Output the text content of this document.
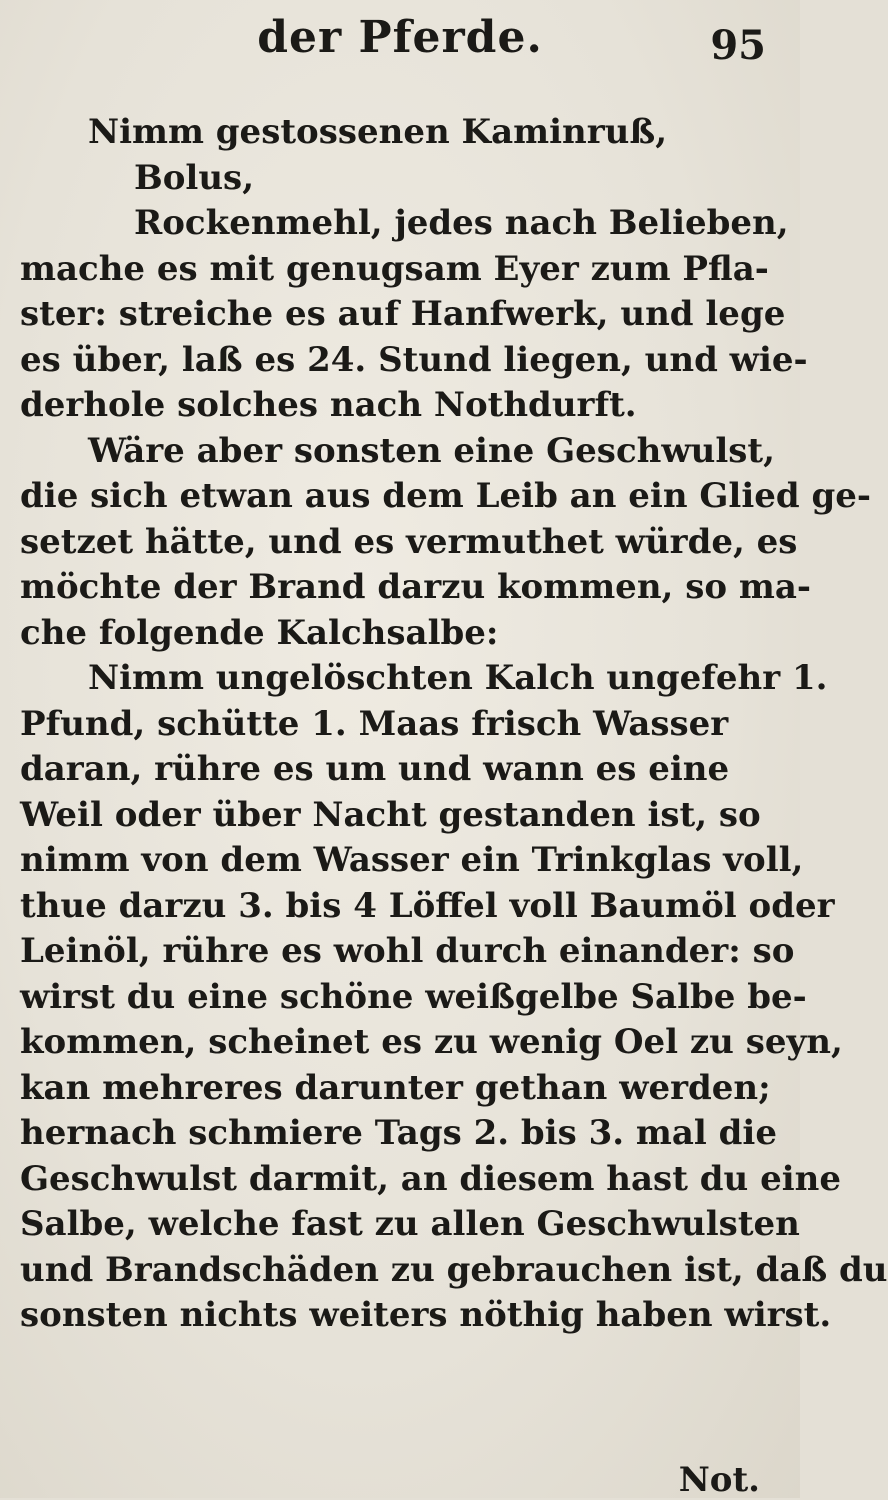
der Pferde.	95
Nimm gestossenen Kaminruß,
Bolus,
Rockenmehl, jedes nach Belieben,
mache es mit genugsam Eyer zum Pfla-
ster: streiche es auf Hanfwerk, und lege
es über, laß es 24. Stund liegen, und wie-
derhole solches nach Nothdurft.
Wäre aber sonsten eine Geschwulst,
die sich etwan aus dem Leib an ein Glied ge-
setzet hätte, und es vermuthet würde, es
möchte der Brand darzu kommen, so ma-
che folgende Kalchsalbe:
Nimm ungelöschten Kalch ungefehr 1.
Pfund, schütte 1. Maas frisch Wasser
daran, rühre es um und wann es eine
Weil oder über Nacht gestanden ist, so
nimm von dem Wasser ein Trinkglas voll,
thue darzu 3. bis 4 Löffel voll Baumöl oder
Leinöl, rühre es wohl durch einander: so
wirst du eine schöne weißgelbe Salbe be-
kommen, scheinet es zu wenig Oel zu seyn,
kan mehreres darunter gethan werden;
hernach schmiere Tags 2. bis 3. mal die
Geschwulst darmit, an diesem hast du eine
Salbe, welche fast zu allen Geschwulsten
und Brandschäden zu gebrauchen ist, daß du
sonsten nichts weiters nöthig haben wirst.
Not.
